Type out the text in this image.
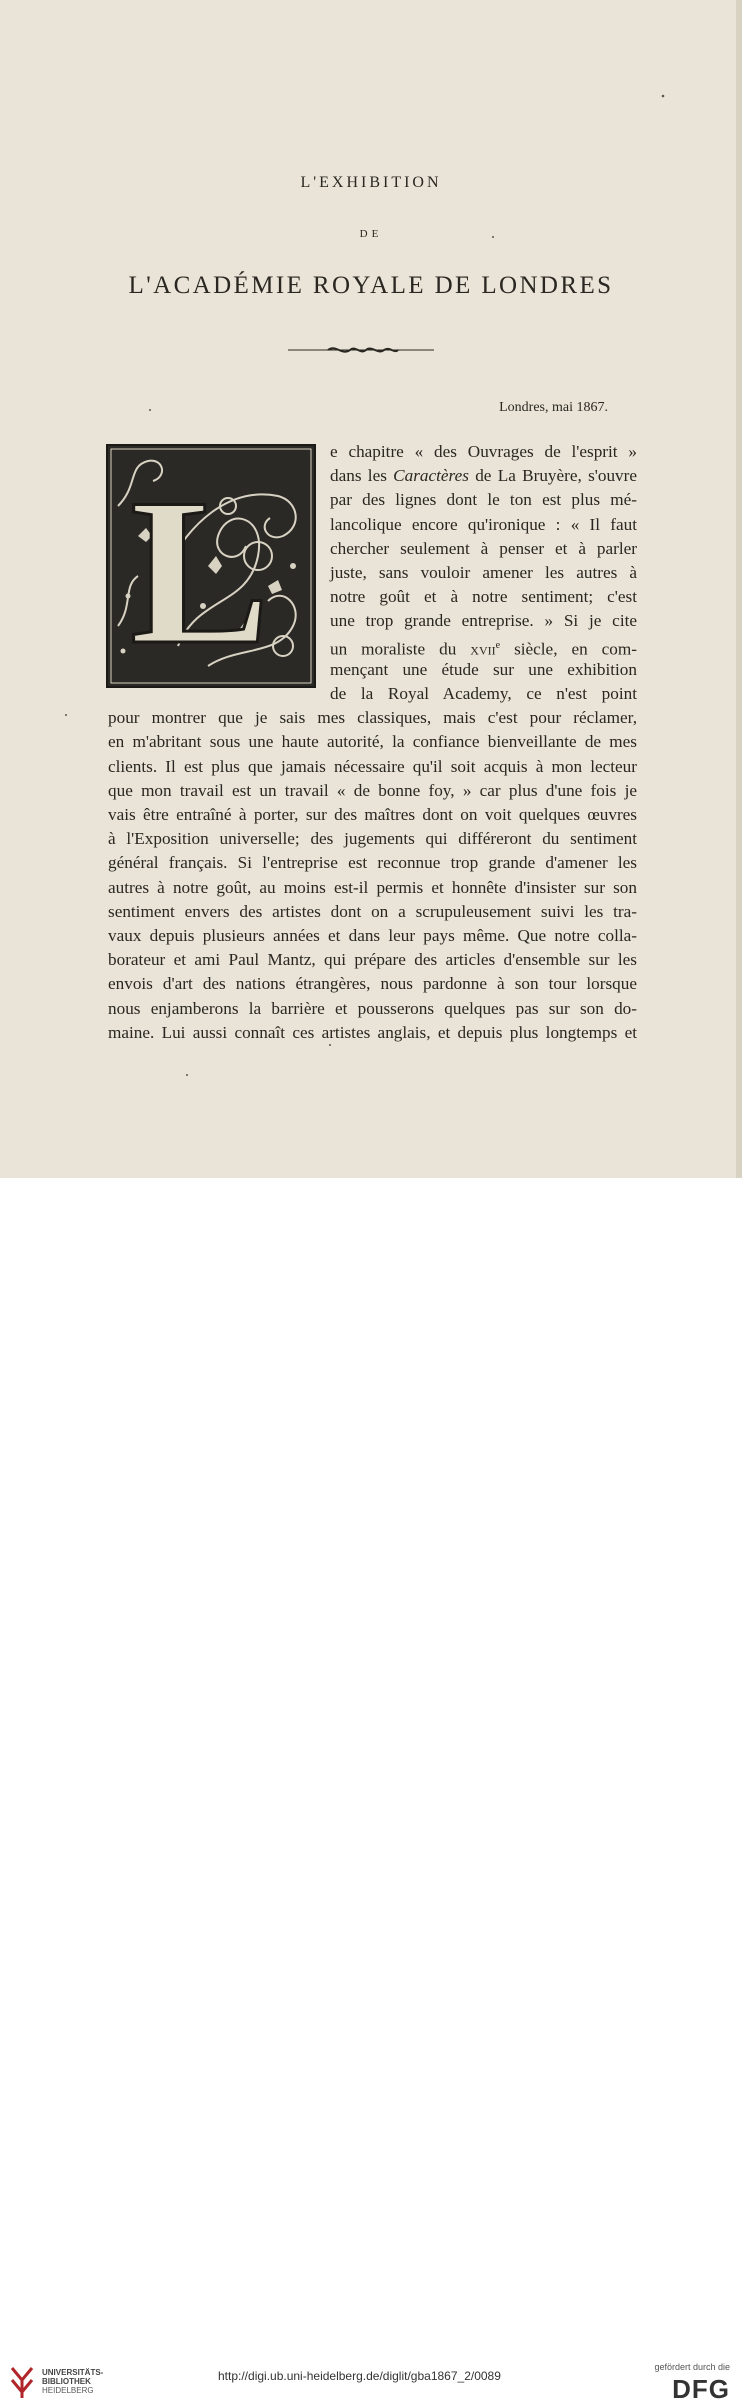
L'EXHIBITION
DE
L'ACADÉMIE ROYALE DE LONDRES
Londres, mai 1867.
L
e chapitre « des Ouvrages de l'esprit »
dans les Caractères de La Bruyère, s'ouvre
par des lignes dont le ton est plus mé-
lancolique encore qu'ironique : « Il faut
chercher seulement à penser et à parler
juste, sans vouloir amener les autres à
notre goût et à notre sentiment; c'est
une trop grande entreprise. » Si je cite
un moraliste du xvii$^e$ siècle, en com-
mençant une étude sur une exhibition
de la Royal Academy, ce n'est point
pour montrer que je sais mes classiques, mais c'est pour réclamer,
en m'abritant sous une haute autorité, la confiance bienveillante de mes
clients. Il est plus que jamais nécessaire qu'il soit acquis à mon lecteur
que mon travail est un travail « de bonne foy, » car plus d'une fois je
vais être entraîné à porter, sur des maîtres dont on voit quelques œuvres
à l'Exposition universelle; des jugements qui différeront du sentiment
général français. Si l'entreprise est reconnue trop grande d'amener les
autres à notre goût, au moins est-il permis et honnête d'insister sur son
sentiment envers des artistes dont on a scrupuleusement suivi les tra-
vaux depuis plusieurs années et dans leur pays même. Que notre colla-
borateur et ami Paul Mantz, qui prépare des articles d'ensemble sur les
envois d'art des nations étrangères, nous pardonne à son tour lorsque
nous enjamberons la barrière et pousserons quelques pas sur son do-
maine. Lui aussi connaît ces artistes anglais, et depuis plus longtemps et
UNIVERSITÄTS-
BIBLIOTHEK
HEIDELBERG
http://digi.ub.uni-heidelberg.de/diglit/gba1867_2/0089
gefördert durch die
DFG
